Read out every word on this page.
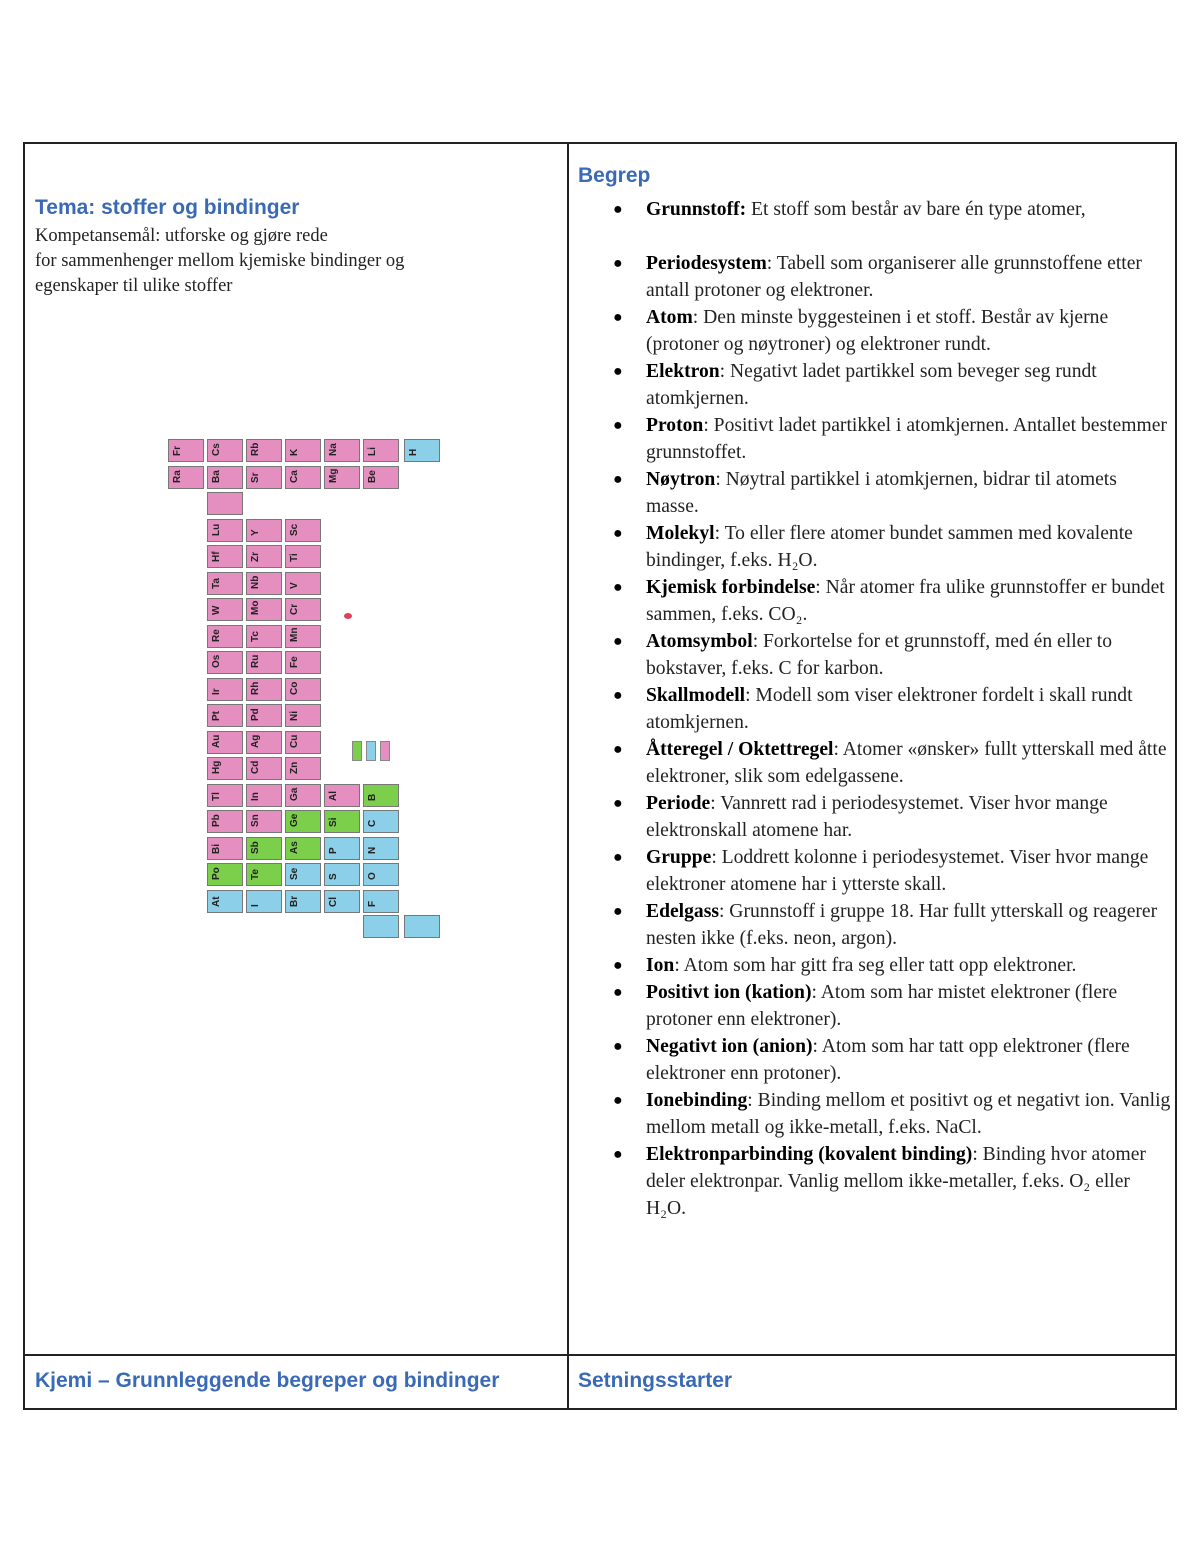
Tema: stoffer og bindinger
Kompetansemål: utforske og gjøre rede
for sammenhenger mellom kjemiske bindinger og
egenskaper til ulike stoffer
Begrep
● Grunnstoff: Et stoff som består av bare én type atomer,
● Periodesystem: Tabell som organiserer alle grunnstoffene etter antall protoner og elektroner.
● Atom: Den minste byggesteinen i et stoff. Består av kjerne (protoner og nøytroner) og elektroner rundt.
● Elektron: Negativt ladet partikkel som beveger seg rundt atomkjernen.
● Proton: Positivt ladet partikkel i atomkjernen. Antallet bestemmer grunnstoffet.
● Nøytron: Nøytral partikkel i atomkjernen, bidrar til atomets masse.
● Molekyl: To eller flere atomer bundet sammen med kovalente bindinger, f.eks. H₂O.
● Kjemisk forbindelse: Når atomer fra ulike grunnstoffer er bundet sammen, f.eks. CO₂.
● Atomsymbol: Forkortelse for et grunnstoff, med én eller to bokstaver, f.eks. C for karbon.
● Skallmodell: Modell som viser elektroner fordelt i skall rundt atomkjernen.
● Åtteregel / Oktettregel: Atomer «ønsker» fullt ytterskall med åtte elektroner, slik som edelgassene.
● Periode: Vannrett rad i periodesystemet. Viser hvor mange elektronskall atomene har.
● Gruppe: Loddrett kolonne i periodesystemet. Viser hvor mange elektroner atomene har i ytterste skall.
● Edelgass: Grunnstoff i gruppe 18. Har fullt ytterskall og reagerer nesten ikke (f.eks. neon, argon).
● Ion: Atom som har gitt fra seg eller tatt opp elektroner.
● Positivt ion (kation): Atom som har mistet elektroner (flere protoner enn elektroner).
● Negativt ion (anion): Atom som har tatt opp elektroner (flere elektroner enn protoner).
● Ionebinding: Binding mellom et positivt og et negativt ion. Vanlig mellom metall og ikke-metall, f.eks. NaCl.
● Elektronparbinding (kovalent binding): Binding hvor atomer deler elektronpar. Vanlig mellom ikke-metaller, f.eks. O₂ eller H₂O.
Kjemi – Grunnleggende begreper og bindinger	Setningsstarter
Fr
Ra
Cs
Ba
Lu
Hf
Ta
W
Re
Os
Ir
Pt
Au
Hg
Tl
Pb
Bi
Po
At
Rb
Sr
Y
Zr
Nb
Mo
Tc
Ru
Rh
Pd
Ag
Cd
In
Sn
Sb
Te
I
K
Ca
Sc
Ti
V
Cr
Mn
Fe
Co
Ni
Cu
Zn
Ga
Ge
As
Se
Br
Na
Mg
Al
Si
P
S
Cl
Li
Be
B
C
N
O
F
H
